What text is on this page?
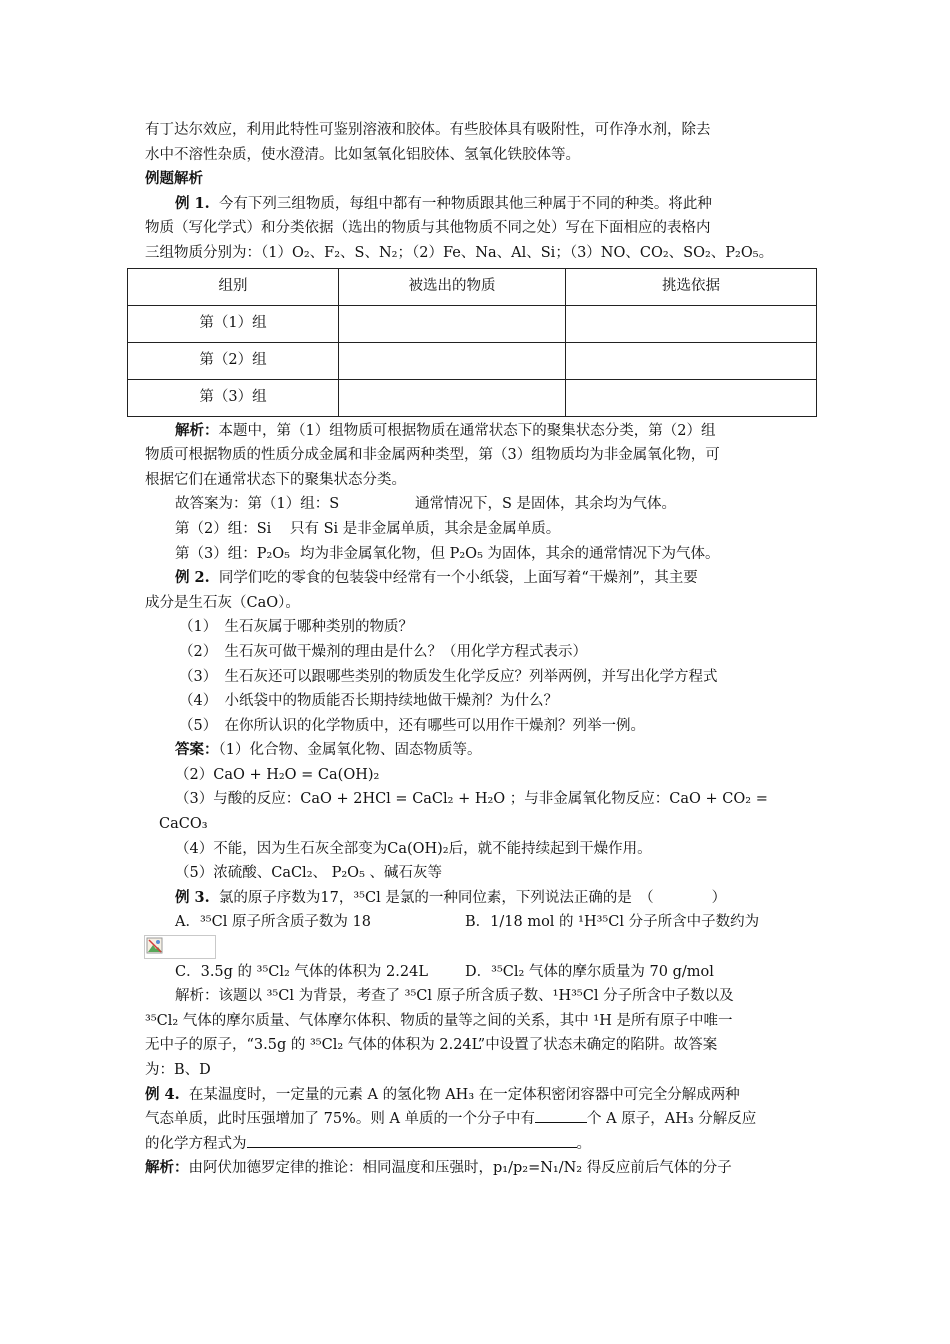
有丁达尔效应，利用此特性可鉴别溶液和胶体。有些胶体具有吸附性，可作净水剂，除去

水中不溶性杂质，使水澄清。比如氢氧化铝胶体、氢氧化铁胶体等。

例题解析

例 1. 今有下列三组物质，每组中都有一种物质跟其他三种属于不同的种类。将此种

物质（写化学式）和分类依据（选出的物质与其他物质不同之处）写在下面相应的表格内

三组物质分别为：（1）O₂、F₂、S、N₂；（2）Fe、Na、Al、Si；（3）NO、CO₂、SO₂、P₂O₅。

组别	被选出的物质	挑选依据
第（1）组		
第（2）组		
第（3）组		

解析：本题中，第（1）组物质可根据物质在通常状态下的聚集状态分类，第（2）组

物质可根据物质的性质分成金属和非金属两种类型，第（3）组物质均为非金属氧化物，可

根据它们在通常状态下的聚集状态分类。

故答案为：第（1）组：S	通常情况下，S 是固体，其余均为气体。

第（2）组：Si 只有 Si 是非金属单质，其余是金属单质。

第（3）组：P₂O₅ 均为非金属氧化物，但 P₂O₅ 为固体，其余的通常情况下为气体。

例 2. 同学们吃的零食的包装袋中经常有一个小纸袋，上面写着“干燥剂”，其主要

成分是生石灰（CaO）。

（1）　生石灰属于哪种类别的物质？

（2）　生石灰可做干燥剂的理由是什么？（用化学方程式表示）

（3）　生石灰还可以跟哪些类别的物质发生化学反应？列举两例，并写出化学方程式

（4）　小纸袋中的物质能否长期持续地做干燥剂？为什么？

（5）　在你所认识的化学物质中，还有哪些可以用作干燥剂？列举一例。

答案：（1）化合物、金属氧化物、固态物质等。

（2）CaO + H₂O = Ca(OH)₂

（3）与酸的反应：CaO + 2HCl = CaCl₂ + H₂O ；与非金属氧化物反应：CaO + CO₂ =

CaCO₃

（4）不能，因为生石灰全部变为Ca(OH)₂后，就不能持续起到干燥作用。

（5）浓硫酸、CaCl₂、 P₂O₅ 、碱石灰等

例 3. 氯的原子序数为17，³⁵Cl 是氯的一种同位素，下列说法正确的是　（　　　　）

A．³⁵Cl 原子所含质子数为 18	B．1/18 mol 的 ¹H³⁵Cl 分子所含中子数约为

C．3.5g 的 ³⁵Cl₂ 气体的体积为 2.24L	D．³⁵Cl₂ 气体的摩尔质量为 70 g/mol

解析：该题以 ³⁵Cl 为背景，考查了 ³⁵Cl 原子所含质子数、¹H³⁵Cl 分子所含中子数以及

³⁵Cl₂ 气体的摩尔质量、气体摩尔体积、物质的量等之间的关系，其中 ¹H 是所有原子中唯一

无中子的原子，“3.5g 的 ³⁵Cl₂ 气体的体积为 2.24L”中设置了状态未确定的陷阱。故答案

为：B、D

例 4. 在某温度时，一定量的元素 A 的氢化物 AH₃ 在一定体积密闭容器中可完全分解成两种

气态单质，此时压强增加了 75%。则 A 单质的一个分子中有	个 A 原子，AH₃ 分解反应

的化学方程式为	。

解析：由阿伏加德罗定律的推论：相同温度和压强时，p₁/p₂=N₁/N₂ 得反应前后气体的分子
